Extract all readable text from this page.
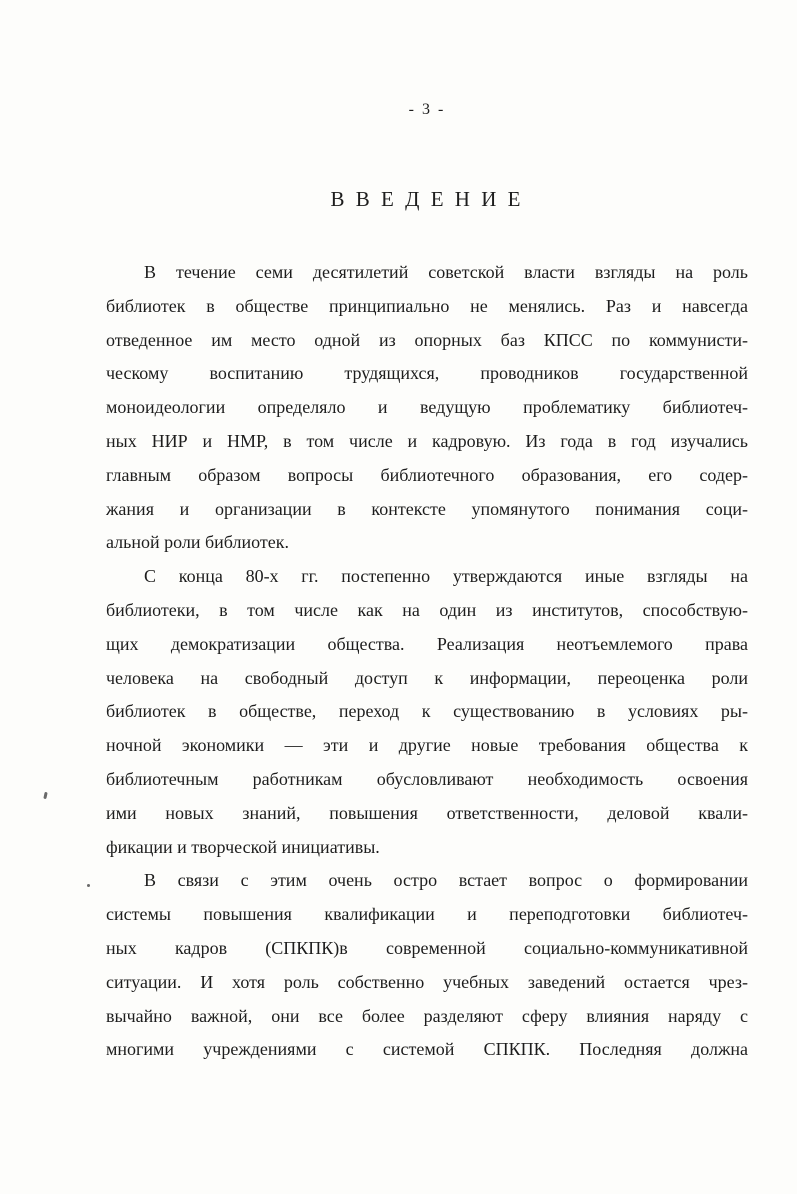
- 3 -
В В Е Д Е Н И Е

В течение семи десятилетий советской власти взгляды на роль
библиотек в обществе принципиально не менялись. Раз и навсегда
отведенное им место одной из опорных баз КПСС по коммунисти-
ческому воспитанию трудящихся, проводников государственной
моноидеологии определяло и ведущую проблематику библиотеч-
ных НИР и НМР, в том числе и кадровую. Из года в год изучались
главным образом вопросы библиотечного образования, его содер-
жания и организации в контексте упомянутого понимания соци-
альной роли библиотек.

С конца 80-х гг. постепенно утверждаются иные взгляды на
библиотеки, в том числе как на один из институтов, способствую-
щих демократизации общества. Реализация неотъемлемого права
человека на свободный доступ к информации, переоценка роли
библиотек в обществе, переход к существованию в условиях ры-
ночной экономики — эти и другие новые требования общества к
библиотечным работникам обусловливают необходимость освоения
ими новых знаний, повышения ответственности, деловой квали-
фикации и творческой инициативы.

В связи с этим очень остро встает вопрос о формировании
системы повышения квалификации и переподготовки библиотеч-
ных кадров (СПКПК)в современной социально-коммуникативной
ситуации. И хотя роль собственно учебных заведений остается чрез-
вычайно важной, они все более разделяют сферу влияния наряду с
многими учреждениями с системой СПКПК. Последняя должна
